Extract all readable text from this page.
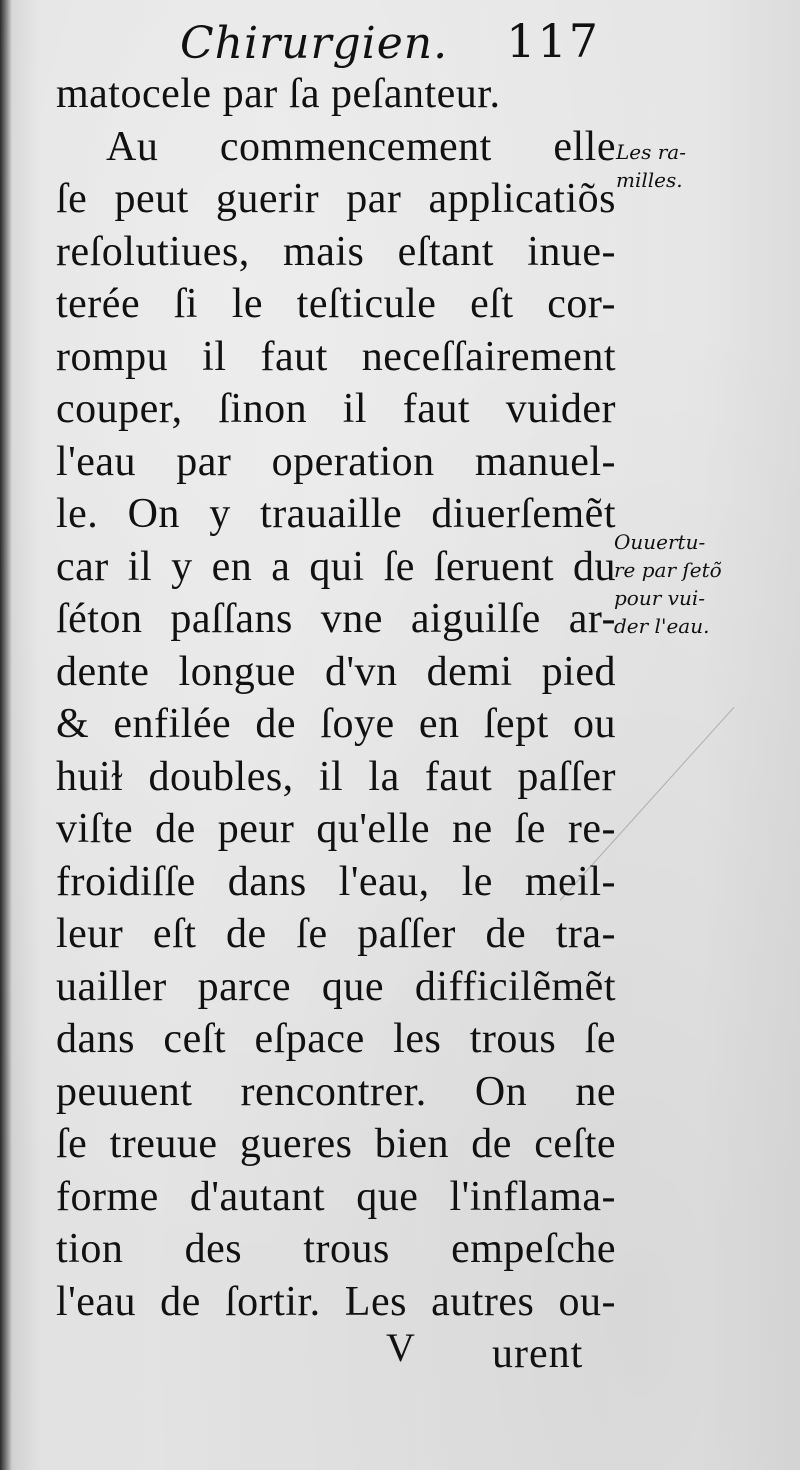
Chirurgien. 117
matocele par ſa peſanteur.
Au commencement elle
ſe peut guerir par applicatiõs
reſolutiues, mais eſtant inue-
terée ſi le teſticule eſt cor-
rompu il faut neceſſairement
couper, ſinon il faut vuider
l'eau par operation manuel-
le. On y trauaille diuerſemẽt
car il y en a qui ſe ſeruent du
ſéton paſſans vne aiguilſe ar-
dente longue d'vn demi pied
& enfilée de ſoye en ſept ou
huiɫ doubles, il la faut paſſer
viſte de peur qu'elle ne ſe re-
froidiſſe dans l'eau, le meil-
leur eſt de ſe paſſer de tra-
uailler parce que difficilẽmẽt
dans ceſt eſpace les trous ſe
peuuent rencontrer. On ne
ſe treuue gueres bien de ceſte
forme d'autant que l'inflama-
tion des trous empeſche
l'eau de ſortir. Les autres ou-
Les ra-
milles.
Ouuertu-
re par ſetõ
pour vui-
der l'eau.
V urent
